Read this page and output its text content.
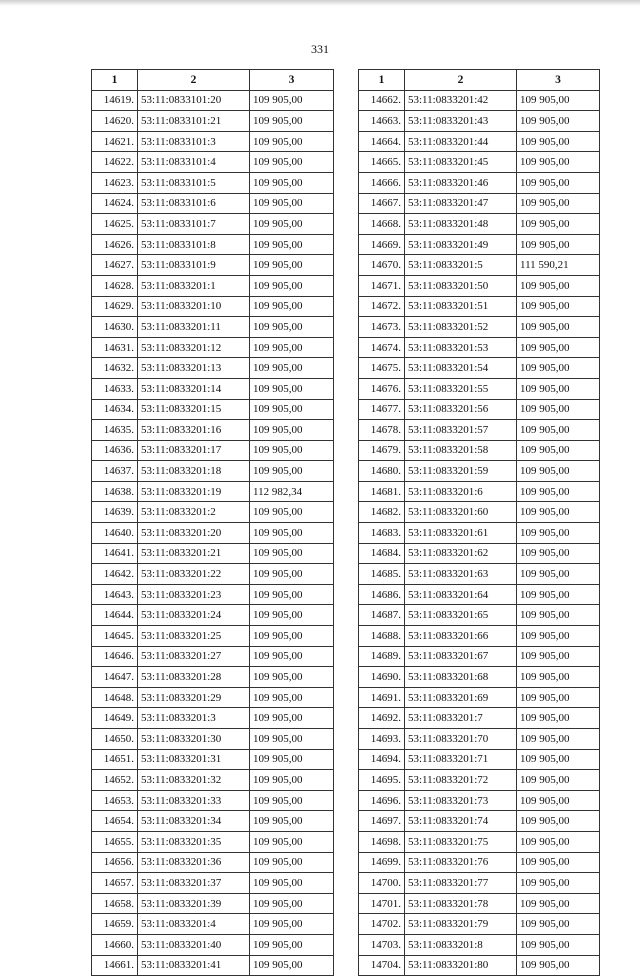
331
1	2	3
14619.	53:11:0833101:20	109 905,00
14620.	53:11:0833101:21	109 905,00
14621.	53:11:0833101:3	109 905,00
14622.	53:11:0833101:4	109 905,00
14623.	53:11:0833101:5	109 905,00
14624.	53:11:0833101:6	109 905,00
14625.	53:11:0833101:7	109 905,00
14626.	53:11:0833101:8	109 905,00
14627.	53:11:0833101:9	109 905,00
14628.	53:11:0833201:1	109 905,00
14629.	53:11:0833201:10	109 905,00
14630.	53:11:0833201:11	109 905,00
14631.	53:11:0833201:12	109 905,00
14632.	53:11:0833201:13	109 905,00
14633.	53:11:0833201:14	109 905,00
14634.	53:11:0833201:15	109 905,00
14635.	53:11:0833201:16	109 905,00
14636.	53:11:0833201:17	109 905,00
14637.	53:11:0833201:18	109 905,00
14638.	53:11:0833201:19	112 982,34
14639.	53:11:0833201:2	109 905,00
14640.	53:11:0833201:20	109 905,00
14641.	53:11:0833201:21	109 905,00
14642.	53:11:0833201:22	109 905,00
14643.	53:11:0833201:23	109 905,00
14644.	53:11:0833201:24	109 905,00
14645.	53:11:0833201:25	109 905,00
14646.	53:11:0833201:27	109 905,00
14647.	53:11:0833201:28	109 905,00
14648.	53:11:0833201:29	109 905,00
14649.	53:11:0833201:3	109 905,00
14650.	53:11:0833201:30	109 905,00
14651.	53:11:0833201:31	109 905,00
14652.	53:11:0833201:32	109 905,00
14653.	53:11:0833201:33	109 905,00
14654.	53:11:0833201:34	109 905,00
14655.	53:11:0833201:35	109 905,00
14656.	53:11:0833201:36	109 905,00
14657.	53:11:0833201:37	109 905,00
14658.	53:11:0833201:39	109 905,00
14659.	53:11:0833201:4	109 905,00
14660.	53:11:0833201:40	109 905,00
14661.	53:11:0833201:41	109 905,00
1	2	3
14662.	53:11:0833201:42	109 905,00
14663.	53:11:0833201:43	109 905,00
14664.	53:11:0833201:44	109 905,00
14665.	53:11:0833201:45	109 905,00
14666.	53:11:0833201:46	109 905,00
14667.	53:11:0833201:47	109 905,00
14668.	53:11:0833201:48	109 905,00
14669.	53:11:0833201:49	109 905,00
14670.	53:11:0833201:5	111 590,21
14671.	53:11:0833201:50	109 905,00
14672.	53:11:0833201:51	109 905,00
14673.	53:11:0833201:52	109 905,00
14674.	53:11:0833201:53	109 905,00
14675.	53:11:0833201:54	109 905,00
14676.	53:11:0833201:55	109 905,00
14677.	53:11:0833201:56	109 905,00
14678.	53:11:0833201:57	109 905,00
14679.	53:11:0833201:58	109 905,00
14680.	53:11:0833201:59	109 905,00
14681.	53:11:0833201:6	109 905,00
14682.	53:11:0833201:60	109 905,00
14683.	53:11:0833201:61	109 905,00
14684.	53:11:0833201:62	109 905,00
14685.	53:11:0833201:63	109 905,00
14686.	53:11:0833201:64	109 905,00
14687.	53:11:0833201:65	109 905,00
14688.	53:11:0833201:66	109 905,00
14689.	53:11:0833201:67	109 905,00
14690.	53:11:0833201:68	109 905,00
14691.	53:11:0833201:69	109 905,00
14692.	53:11:0833201:7	109 905,00
14693.	53:11:0833201:70	109 905,00
14694.	53:11:0833201:71	109 905,00
14695.	53:11:0833201:72	109 905,00
14696.	53:11:0833201:73	109 905,00
14697.	53:11:0833201:74	109 905,00
14698.	53:11:0833201:75	109 905,00
14699.	53:11:0833201:76	109 905,00
14700.	53:11:0833201:77	109 905,00
14701.	53:11:0833201:78	109 905,00
14702.	53:11:0833201:79	109 905,00
14703.	53:11:0833201:8	109 905,00
14704.	53:11:0833201:80	109 905,00
